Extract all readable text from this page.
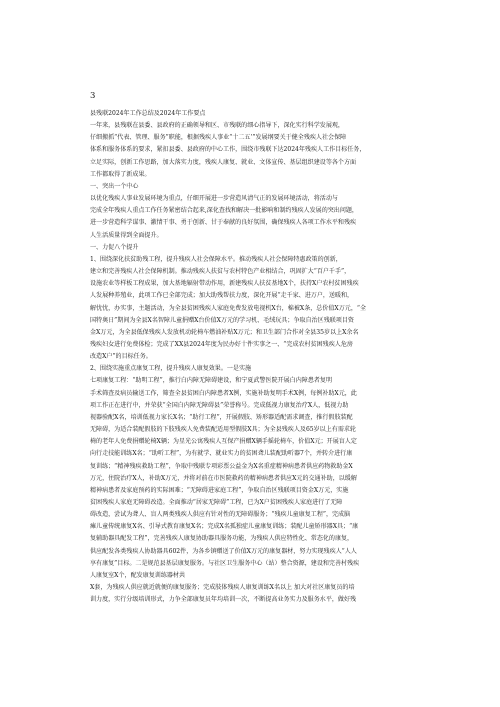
3
县残联2024年工作总结及2024年工作要点
一年来，县残联在县委、县政府的正确领导和区、市残联的细心指导下，深化实行科学发展观，
仔细搬抓“代表、管理、服务”职能，根据残疾人事业“十二五’”发展纲要关于健全残疾人社会保障
体系和服务体系的要求，紧扣县委、县政府的中心工作，围绕市残联下达2024年残疾人工作目标任务，
立足实际，创新工作思路，加大落实力度，残疾人康复、就业、文体宣传、基层组织建设等各个方面
工作都取得了新成果。
一、突出一个中心
以优化残疾人事业发展环境为重点，仔细开展进一步营造风清气正的发展环境活动，将活动与
完成全年残疾人重点工作任务紧密结合起来,深化查找和解决一批影响和制约残疾人发展的突出问题，
进一步营造科学谋事、激情干事、勇于创新、甘于奉献的良好氛围，确保残疾人各项工作水平和残疾
人生活质量得到全面提升。
一、力促八个提升
1、围绕深化扶贫助残工程，提升残疾人社会保障水平。推动残疾人社会保障特惠政策的创新，
建立和完善残疾人社会保障机制。推动残疾人扶贫与农村特色产业相结合，巩固扩大“百户千手”，
设施农业等样板工程成果，加大基地辐射带动作用，新建残疾人扶贫基地X个，扶持X户农村贫困残疾
人发展种养殖业，此项工作已全部完成；加大助残帮扶力度，深化开展“走千家、进万户，送暖和，
解忧忧，办实事，主题活动，为全县贫困残疾人家庭免费发放电视机X台，棉被X条，总价值X万元，“全
国特奥日”期间为全县X名智障儿童捐赠X台价值X万元的学习机、毛绒玩具；争取自治区残联项目资
金X万元，为全县低保残疾人发放机动轮椅车燃油补贴X万元；和卫生部门合作对全县35岁以上X余名
残疾妇女进行免费体检；完成了XX县2024年度为民办好十件实事之一、“完成农村贫困残疾人危房
改造X户”的目标任务。
2、围绕实施重点康复工程，提升残疾人康复效果。一是实施
七项康复工程：“助明工程”，推行白内障无障碍建设，和宁夏武警医院开展白内障患者复明
手术筛查及病员输送工作，筛查全县贫困白内障患者X例，实施补助复明手术X例，每例补助X元，此
项工作正在进行中，并荣获“全国白内障无障碍县”荣誉称号。完成低视力康复治疗X人，低视力助
视器验配X名，培训低视力家长X名；“助行工程”，开展假肢、矫形器适配需求调查，推行假肢装配
无障碍，为适合装配假肢的下肢残疾人免费装配适用型假肢X具；为全县残疾人及65岁以上有需求轮
椅的老年人免费捐赠轮椅X辆；为星光公寓残疾人互保产捐赠X辆手摇轮椅车，价值X元；开展盲人定
向行走技能训练X名；“助听工程”，为有就学、就业实力的贫困聋儿装配助听器7个，并转介进行康
复训练；“精神残疾救助工程”，争取中残联专项彩票公益金为X名重症精神病患者供应药物救助金X
万元，住院治疗X人，补助X万元，并将对前在市医院救药的精神病患者供应X元的交通补助，以缓解
精神病患者及家庭预药的实际困难；“无障碍进家庭工程”，争取自治区残联项目资金X万元，实施
贫困残疾人家庭无障碍改造。全面推动“居家无障碍”工程，已为X户贫困残疾人家庭进行了无障
碍改造，尝试为聋人、盲人两类残疾人供应有针对性的无障碍服务；“残疾儿童康复工程”，完成脑
瘫儿童传统康复X名、引导式教育康复X名；完成X名孤独症儿童康复训练；装配儿童矫形器X具；“康
复辅助器具配发工程”，完善残疾人康复协助器具服务功能，为残疾人供应特性化、常态化的康复，
供应配发各类残疾人协助器具602件，为各乡镇赠送了价值X万元的康复器材，努力实现残疾人“人人
享有康复”目标。二是规范县基层康复服务。与社区卫生服务中心（站）整合资源，建设和完善村残疾
人康复室X个，配发康复训练器材共
X套，为残疾人供应就近就便的康复服务；完成肢体残疾人康复训练X名以上 加大对社区康复员的培
训力度，实行分级培训形式，力争全部康复员年均培训一次，不断提高业务实力及服务水平，做好残
